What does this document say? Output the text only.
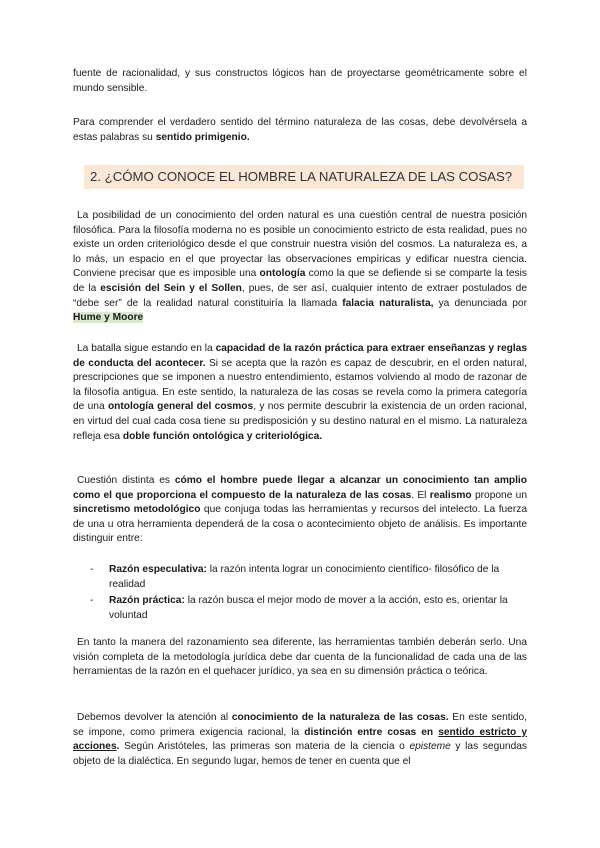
fuente de racionalidad, y sus constructos lógicos han de proyectarse geométricamente sobre el mundo sensible.

Para comprender el verdadero sentido del término naturaleza de las cosas, debe devolvérsela a estas palabras su sentido primigenio.

2. ¿CÓMO CONOCE EL HOMBRE LA NATURALEZA DE LAS COSAS?

La posibilidad de un conocimiento del orden natural es una cuestión central de nuestra posición filosófica. Para la filosofía moderna no es posible un conocimiento estricto de esta realidad, pues no existe un orden criteriológico desde el que construir nuestra visión del cosmos. La naturaleza es, a lo más, un espacio en el que proyectar las observaciones empíricas y edificar nuestra ciencia. Conviene precisar que es imposible una ontología como la que se defiende si se comparte la tesis de la escisión del Sein y el Sollen, pues, de ser así, cualquier intento de extraer postulados de “debe ser” de la realidad natural constituiría la llamada falacia naturalista, ya denunciada por Hume y Moore

La batalla sigue estando en la capacidad de la razón práctica para extraer enseñanzas y reglas de conducta del acontecer. Si se acepta que la razón es capaz de descubrir, en el orden natural, prescripciones que se imponen a nuestro entendimiento, estamos volviendo al modo de razonar de la filosofía antigua. En este sentido, la naturaleza de las cosas se revela como la primera categoría de una ontología general del cosmos, y nos permite descubrir la existencia de un orden racional, en virtud del cual cada cosa tiene su predisposición y su destino natural en el mismo. La naturaleza refleja esa doble función ontológica y criteriológica.

Cuestión distinta es cómo el hombre puede llegar a alcanzar un conocimiento tan amplio como el que proporciona el compuesto de la naturaleza de las cosas. El realismo propone un sincretismo metodológico que conjuga todas las herramientas y recursos del intelecto. La fuerza de una u otra herramienta dependerá de la cosa o acontecimiento objeto de análisis. Es importante distinguir entre:

- Razón especulativa: la razón intenta lograr un conocimiento científico- filosófico de la realidad
- Razón práctica: la razón busca el mejor modo de mover a la acción, esto es, orientar la voluntad

En tanto la manera del razonamiento sea diferente, las herramientas también deberán serlo. Una visión completa de la metodología jurídica debe dar cuenta de la funcionalidad de cada una de las herramientas de la razón en el quehacer jurídico, ya sea en su dimensión práctica o teórica.

Debemos devolver la atención al conocimiento de la naturaleza de las cosas. En este sentido, se impone, como primera exigencia racional, la distinción entre cosas en sentido estricto y acciones. Según Aristóteles, las primeras son materia de la ciencia o episteme y las segundas objeto de la dialéctica. En segundo lugar, hemos de tener en cuenta que el
